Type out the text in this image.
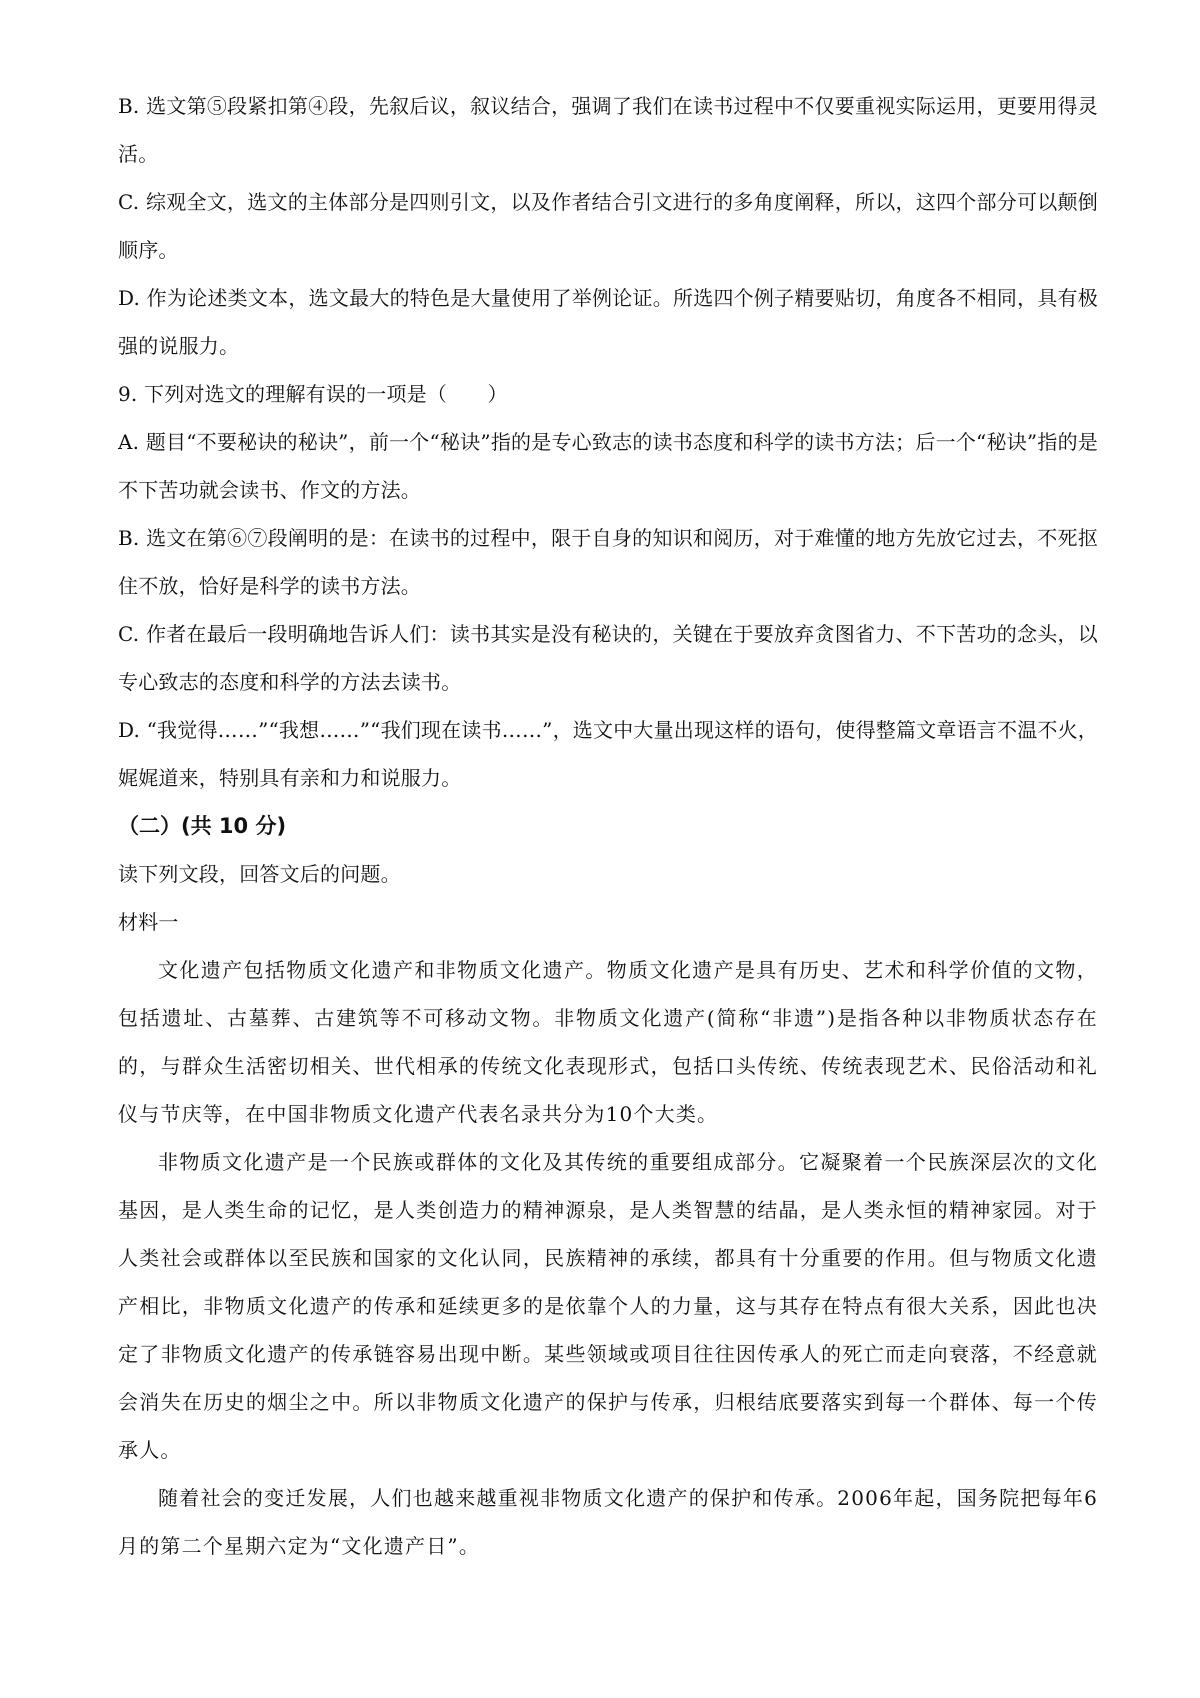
B. 选文第⑤段紧扣第④段，先叙后议，叙议结合，强调了我们在读书过程中不仅要重视实际运用，更要用得灵活。

C. 综观全文，选文的主体部分是四则引文，以及作者结合引文进行的多角度阐释，所以，这四个部分可以颠倒顺序。

D. 作为论述类文本，选文最大的特色是大量使用了举例论证。所选四个例子精要贴切，角度各不相同，具有极强的说服力。

9. 下列对选文的理解有误的一项是（　　）

A. 题目“不要秘诀的秘诀”，前一个“秘诀”指的是专心致志的读书态度和科学的读书方法；后一个“秘诀”指的是不下苦功就会读书、作文的方法。

B. 选文在第⑥⑦段阐明的是：在读书的过程中，限于自身的知识和阅历，对于难懂的地方先放它过去，不死抠住不放，恰好是科学的读书方法。

C. 作者在最后一段明确地告诉人们：读书其实是没有秘诀的，关键在于要放弃贪图省力、不下苦功的念头，以专心致志的态度和科学的方法去读书。

D. “我觉得……”“我想……”“我们现在读书……”，选文中大量出现这样的语句，使得整篇文章语言不温不火，娓娓道来，特别具有亲和力和说服力。

（二）(共 10 分)

读下列文段，回答文后的问题。

材料一

文化遗产包括物质文化遗产和非物质文化遗产。物质文化遗产是具有历史、艺术和科学价值的文物，包括遗址、古墓葬、古建筑等不可移动文物。非物质文化遗产(简称“非遗”)是指各种以非物质状态存在的，与群众生活密切相关、世代相承的传统文化表现形式，包括口头传统、传统表现艺术、民俗活动和礼仪与节庆等，在中国非物质文化遗产代表名录共分为10个大类。

非物质文化遗产是一个民族或群体的文化及其传统的重要组成部分。它凝聚着一个民族深层次的文化基因，是人类生命的记忆，是人类创造力的精神源泉，是人类智慧的结晶，是人类永恒的精神家园。对于人类社会或群体以至民族和国家的文化认同，民族精神的承续，都具有十分重要的作用。但与物质文化遗产相比，非物质文化遗产的传承和延续更多的是依靠个人的力量，这与其存在特点有很大关系，因此也决定了非物质文化遗产的传承链容易出现中断。某些领域或项目往往因传承人的死亡而走向衰落，不经意就会消失在历史的烟尘之中。所以非物质文化遗产的保护与传承，归根结底要落实到每一个群体、每一个传承人。

随着社会的变迁发展，人们也越来越重视非物质文化遗产的保护和传承。2006年起，国务院把每年6月的第二个星期六定为“文化遗产日”。
